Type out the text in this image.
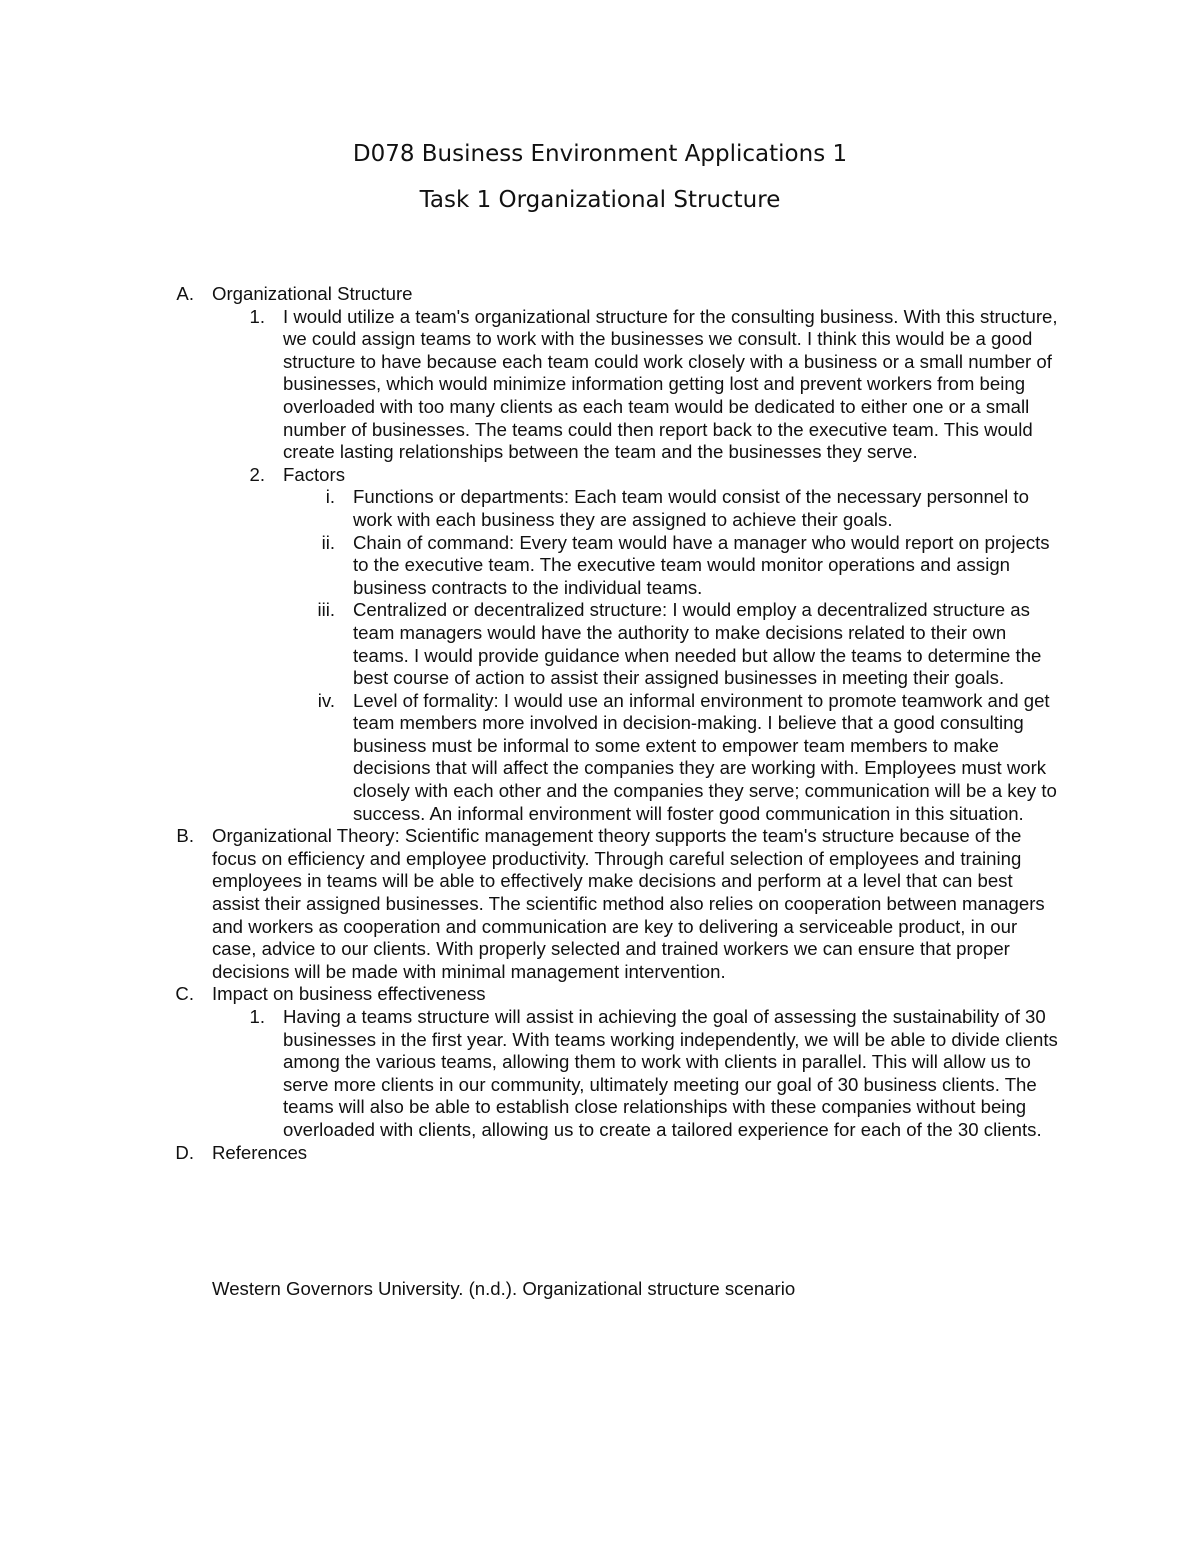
D078 Business Environment Applications 1
Task 1 Organizational Structure
A. Organizational Structure
1. I would utilize a team's organizational structure for the consulting business. With this structure, we could assign teams to work with the businesses we consult. I think this would be a good structure to have because each team could work closely with a business or a small number of businesses, which would minimize information getting lost and prevent workers from being overloaded with too many clients as each team would be dedicated to either one or a small number of businesses. The teams could then report back to the executive team. This would create lasting relationships between the team and the businesses they serve.
2. Factors
i. Functions or departments: Each team would consist of the necessary personnel to work with each business they are assigned to achieve their goals.
ii. Chain of command: Every team would have a manager who would report on projects to the executive team. The executive team would monitor operations and assign business contracts to the individual teams.
iii. Centralized or decentralized structure: I would employ a decentralized structure as team managers would have the authority to make decisions related to their own teams. I would provide guidance when needed but allow the teams to determine the best course of action to assist their assigned businesses in meeting their goals.
iv. Level of formality: I would use an informal environment to promote teamwork and get team members more involved in decision-making. I believe that a good consulting business must be informal to some extent to empower team members to make decisions that will affect the companies they are working with. Employees must work closely with each other and the companies they serve; communication will be a key to success. An informal environment will foster good communication in this situation.
B. Organizational Theory: Scientific management theory supports the team's structure because of the focus on efficiency and employee productivity. Through careful selection of employees and training employees in teams will be able to effectively make decisions and perform at a level that can best assist their assigned businesses. The scientific method also relies on cooperation between managers and workers as cooperation and communication are key to delivering a serviceable product, in our case, advice to our clients. With properly selected and trained workers we can ensure that proper decisions will be made with minimal management intervention.
C. Impact on business effectiveness
1. Having a teams structure will assist in achieving the goal of assessing the sustainability of 30 businesses in the first year. With teams working independently, we will be able to divide clients among the various teams, allowing them to work with clients in parallel. This will allow us to serve more clients in our community, ultimately meeting our goal of 30 business clients. The teams will also be able to establish close relationships with these companies without being overloaded with clients, allowing us to create a tailored experience for each of the 30 clients.
D. References
Western Governors University. (n.d.). Organizational structure scenario
